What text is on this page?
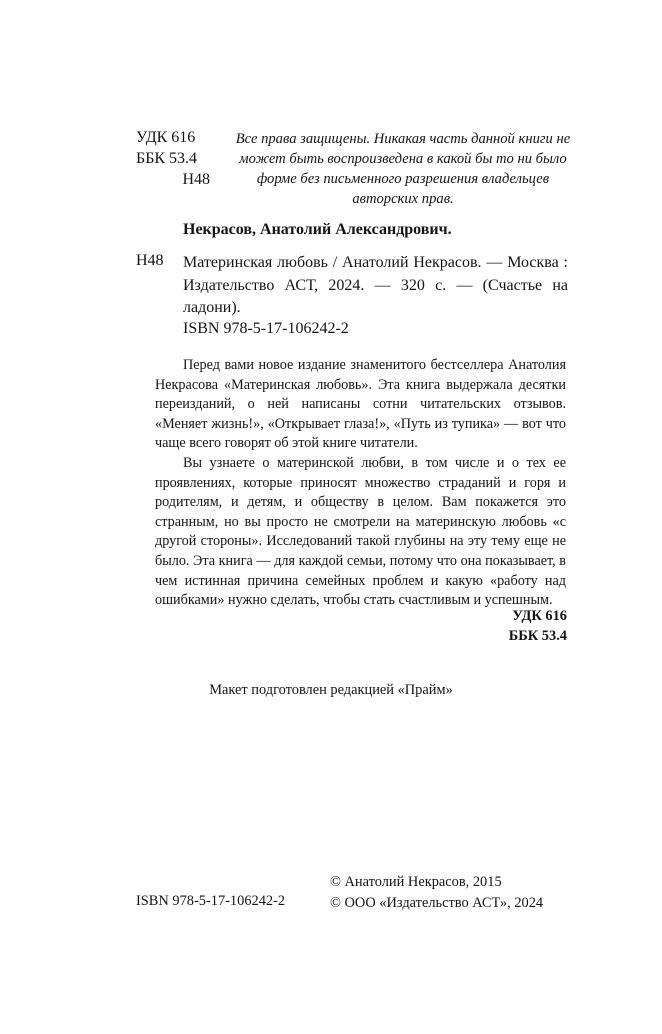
УДК 616
ББК 53.4
Н48
Все права защищены. Никакая часть данной книги не может быть воспроизведена в какой бы то ни было форме без письменного разрешения владельцев авторских прав.
Некрасов, Анатолий Александрович.
Н48 Материнская любовь / Анатолий Некрасов. — Москва : Издательство АСТ, 2024. — 320 с. — (Счастье на ладони).
ISBN 978-5-17-106242-2

Перед вами новое издание знаменитого бестселлера Анатолия Некрасова «Материнская любовь». Эта книга выдержала десятки переизданий, о ней написаны сотни читательских отзывов. «Меняет жизнь!», «Открывает глаза!», «Путь из тупика» — вот что чаще всего говорят об этой книге читатели.

Вы узнаете о материнской любви, в том числе и о тех ее проявлениях, которые приносят множество страданий и горя и родителям, и детям, и обществу в целом. Вам покажется это странным, но вы просто не смотрели на материнскую любовь «с другой стороны». Исследований такой глубины на эту тему еще не было. Эта книга — для каждой семьи, потому что она показывает, в чем истинная причина семейных проблем и какую «работу над ошибками» нужно сделать, чтобы стать счастливым и успешным.

УДК 616
ББК 53.4
Макет подготовлен редакцией «Прайм»
ISBN 978-5-17-106242-2
© Анатолий Некрасов, 2015
© ООО «Издательство АСТ», 2024
